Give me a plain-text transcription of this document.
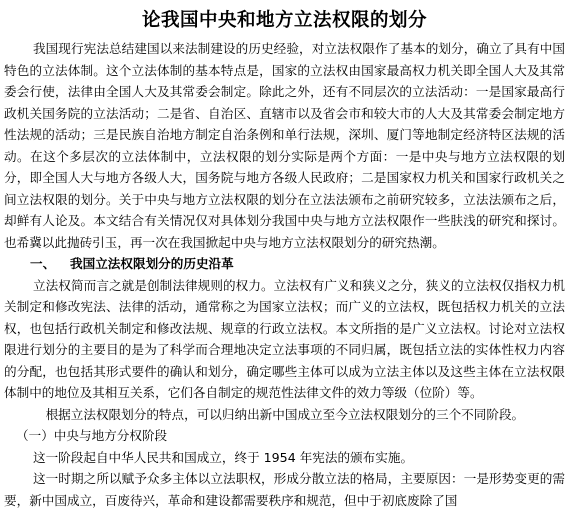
论我国中央和地方立法权限的划分

我国现行宪法总结建国以来法制建设的历史经验，对立法权限作了基本的划分，确立了具有中国特色的立法体制。这个立法体制的基本特点是，国家的立法权由国家最高权力机关即全国人大及其常委会行使，法律由全国人大及其常委会制定。除此之外，还有不同层次的立法活动：一是国家最高行政机关国务院的立法活动；二是省、自治区、直辖市以及省会市和较大市的人大及其常委会制定地方性法规的活动；三是民族自治地方制定自治条例和单行法规，深圳、厦门等地制定经济特区法规的活动。在这个多层次的立法体制中，立法权限的划分实际是两个方面：一是中央与地方立法权限的划分，即全国人大与地方各级人大，国务院与地方各级人民政府；二是国家权力机关和国家行政机关之间立法权限的划分。关于中央与地方立法权限的划分在立法法颁布之前研究较多，立法法颁布之后，却鲜有人论及。本文结合有关情况仅对具体划分我国中央与地方立法权限作一些肤浅的研究和探讨。也希冀以此抛砖引玉，再一次在我国掀起中央与地方立法权限划分的研究热潮。

一、 我国立法权限划分的历史沿革

立法权简而言之就是创制法律规则的权力。立法权有广义和狭义之分，狭义的立法权仅指权力机关制定和修改宪法、法律的活动，通常称之为国家立法权；而广义的立法权，既包括权力机关的立法权，也包括行政机关制定和修改法规、规章的行政立法权。本文所指的是广义立法权。讨论对立法权限进行划分的主要目的是为了科学而合理地决定立法事项的不同归属，既包括立法的实体性权力内容的分配，也包括其形式要件的确认和划分，确定哪些主体可以成为立法主体以及这些主体在立法权限体制中的地位及其相互关系，它们各自制定的规范性法律文件的效力等级（位阶）等。

根据立法权限划分的特点，可以归纳出新中国成立至今立法权限划分的三个不同阶段。

（一）中央与地方分权阶段

这一阶段起自中华人民共和国成立，终于 1954 年宪法的颁布实施。

这一时期之所以赋予众多主体以立法职权，形成分散立法的格局，主要原因：一是形势变更的需要，新中国成立，百废待兴，革命和建设都需要秩序和规范，但中于初底废除了国
